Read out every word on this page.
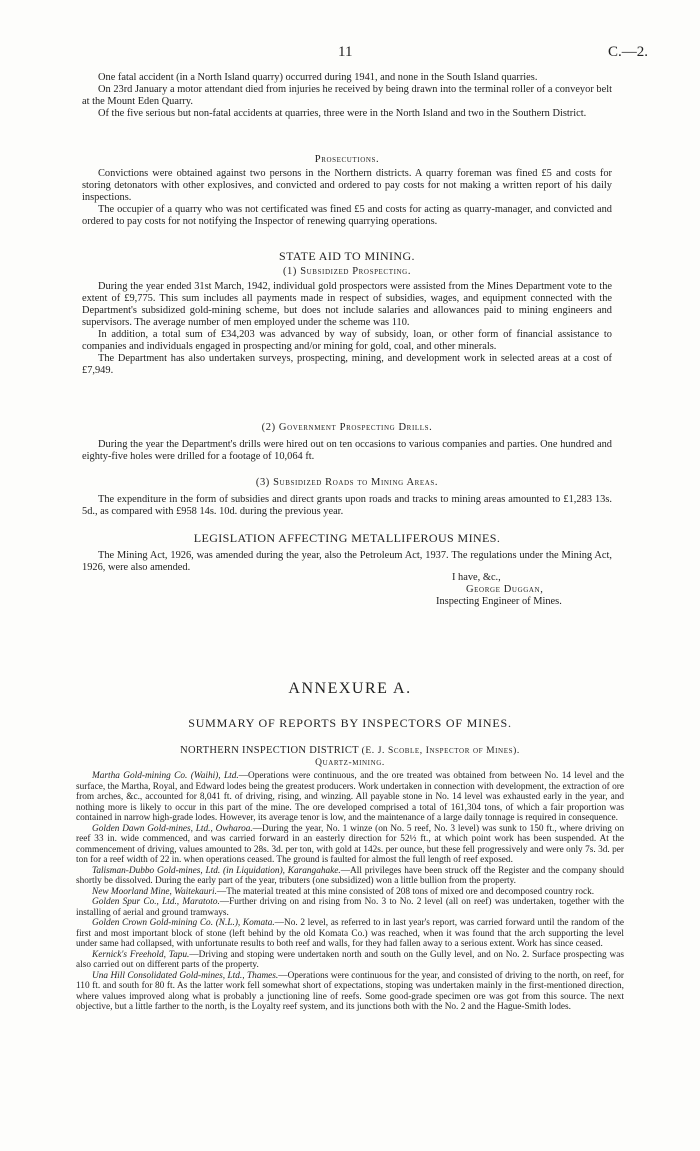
11	C.—2.

One fatal accident (in a North Island quarry) occurred during 1941, and none in the South Island quarries.

On 23rd January a motor attendant died from injuries he received by being drawn into the terminal roller of a conveyor belt at the Mount Eden Quarry.

Of the five serious but non-fatal accidents at quarries, three were in the North Island and two in the Southern District.

Prosecutions.

Convictions were obtained against two persons in the Northern districts. A quarry foreman was fined £5 and costs for storing detonators with other explosives, and convicted and ordered to pay costs for not making a written report of his daily inspections.

The occupier of a quarry who was not certificated was fined £5 and costs for acting as quarry-manager, and convicted and ordered to pay costs for not notifying the Inspector of renewing quarrying operations.

STATE AID TO MINING.

(1) Subsidized Prospecting.

During the year ended 31st March, 1942, individual gold prospectors were assisted from the Mines Department vote to the extent of £9,775. This sum includes all payments made in respect of subsidies, wages, and equipment connected with the Department's subsidized gold-mining scheme, but does not include salaries and allowances paid to mining engineers and supervisors. The average number of men employed under the scheme was 110.

In addition, a total sum of £34,203 was advanced by way of subsidy, loan, or other form of financial assistance to companies and individuals engaged in prospecting and/or mining for gold, coal, and other minerals.

The Department has also undertaken surveys, prospecting, mining, and development work in selected areas at a cost of £7,949.

(2) Government Prospecting Drills.

During the year the Department's drills were hired out on ten occasions to various companies and parties. One hundred and eighty-five holes were drilled for a footage of 10,064 ft.

(3) Subsidized Roads to Mining Areas.

The expenditure in the form of subsidies and direct grants upon roads and tracks to mining areas amounted to £1,283 13s. 5d., as compared with £958 14s. 10d. during the previous year.

LEGISLATION AFFECTING METALLIFEROUS MINES.

The Mining Act, 1926, was amended during the year, also the Petroleum Act, 1937. The regulations under the Mining Act, 1926, were also amended.

I have, &c.,
George Duggan,
Inspecting Engineer of Mines.
ANNEXURE A.
SUMMARY OF REPORTS BY INSPECTORS OF MINES.
NORTHERN INSPECTION DISTRICT (E. J. Scoble, Inspector of Mines).
Quartz-mining.

Martha Gold-mining Co. (Waihi), Ltd.—Operations were continuous, and the ore treated was obtained from between No. 14 level and the surface, the Martha, Royal, and Edward lodes being the greatest producers. Work undertaken in connection with development, the extraction of ore from arches, &c., accounted for 8,041 ft. of driving, rising, and winzing. All payable stone in No. 14 level was exhausted early in the year, and nothing more is likely to occur in this part of the mine. The ore developed comprised a total of 161,304 tons, of which a fair proportion was contained in narrow high-grade lodes. However, its average tenor is low, and the maintenance of a large daily tonnage is required in consequence.

Golden Dawn Gold-mines, Ltd., Owharoa.—During the year, No. 1 winze (on No. 5 reef, No. 3 level) was sunk to 150 ft., where driving on reef 33 in. wide commenced, and was carried forward in an easterly direction for 52½ ft., at which point work has been suspended. At the commencement of driving, values amounted to 28s. 3d. per ton, with gold at 142s. per ounce, but these fell progressively and were only 7s. 3d. per ton for a reef width of 22 in. when operations ceased. The ground is faulted for almost the full length of reef exposed.

Talisman-Dubbo Gold-mines, Ltd. (in Liquidation), Karangahake.—All privileges have been struck off the Register and the company should shortly be dissolved. During the early part of the year, tributers (one subsidized) won a little bullion from the property.

New Moorland Mine, Waitekauri.—The material treated at this mine consisted of 208 tons of mixed ore and decomposed country rock.

Golden Spur Co., Ltd., Maratoto.—Further driving on and rising from No. 3 to No. 2 level (all on reef) was undertaken, together with the installing of aerial and ground tramways.

Golden Crown Gold-mining Co. (N.L.), Komata.—No. 2 level, as referred to in last year's report, was carried forward until the random of the first and most important block of stone (left behind by the old Komata Co.) was reached, when it was found that the arch supporting the level under same had collapsed, with unfortunate results to both reef and walls, for they had fallen away to a serious extent. Work has since ceased.

Kernick's Freehold, Tapu.—Driving and stoping were undertaken north and south on the Gully level, and on No. 2. Surface prospecting was also carried out on different parts of the property.

Una Hill Consolidated Gold-mines, Ltd., Thames.—Operations were continuous for the year, and consisted of driving to the north, on reef, for 110 ft. and south for 80 ft. As the latter work fell somewhat short of expectations, stoping was undertaken mainly in the first-mentioned direction, where values improved along what is probably a junctioning line of reefs. Some good-grade specimen ore was got from this source. The next objective, but a little farther to the north, is the Loyalty reef system, and its junctions both with the No. 2 and the Hague-Smith lodes.
